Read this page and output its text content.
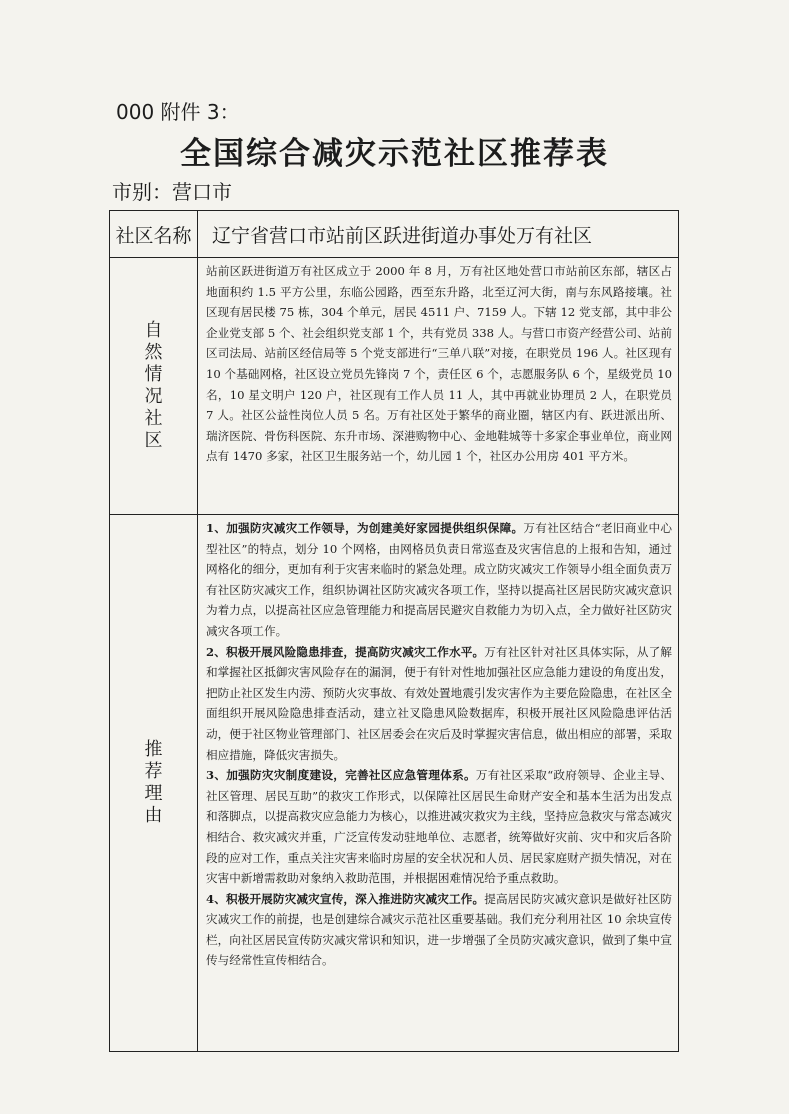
000 附件 3：
全国综合减灾示范社区推荐表
市别：营口市
社区名称	辽宁省营口市站前区跃进街道办事处万有社区

自然情况社区	站前区跃进街道万有社区成立于 2000 年 8 月，万有社区地处营口市站前区东部，辖区占地面积约 1.5 平方公里，东临公园路，西至东升路，北至辽河大街，南与东风路接壤。社区现有居民楼 75 栋，304 个单元，居民 4511 户、7159 人。下辖 12 党支部，其中非公企业党支部 5 个、社会组织党支部 1 个，共有党员 338 人。与营口市资产经营公司、站前区司法局、站前区经信局等 5 个党支部进行“三单八联”对接，在职党员 196 人。社区现有 10 个基础网格，社区设立党员先锋岗 7 个，责任区 6 个，志愿服务队 6 个，星级党员 10 名，10 星文明户 120 户，社区现有工作人员 11 人，其中再就业协理员 2 人，在职党员 7 人。社区公益性岗位人员 5 名。万有社区处于繁华的商业圈，辖区内有、跃进派出所、瑞济医院、骨伤科医院、东升市场、深港购物中心、金地鞋城等十多家企事业单位，商业网点有 1470 多家，社区卫生服务站一个，幼儿园 1 个，社区办公用房 401 平方米。

推荐理由	1、加强防灾减灾工作领导，为创建美好家园提供组织保障。万有社区结合“老旧商业中心型社区”的特点，划分 10 个网格，由网格员负责日常巡查及灾害信息的上报和告知，通过网格化的细分，更加有利于灾害来临时的紧急处理。成立防灾减灾工作领导小组全面负责万有社区防灾减灾工作，组织协调社区防灾减灾各项工作，坚持以提高社区居民防灾减灾意识为着力点，以提高社区应急管理能力和提高居民避灾自救能力为切入点，全力做好社区防灾减灾各项工作。

2、积极开展风险隐患排查，提高防灾减灾工作水平。万有社区针对社区具体实际，从了解和掌握社区抵御灾害风险存在的漏洞，便于有针对性地加强社区应急能力建设的角度出发，把防止社区发生内涝、预防火灾事故、有效处置地震引发灾害作为主要危险隐患，在社区全面组织开展风险隐患排查活动，建立社叉隐患风险数据库，积极开展社区风险隐患评估活动，便于社区物业管理部门、社区居委会在灾后及时掌握灾害信息，做出相应的部署，采取相应措施，降低灾害损失。

3、加强防灾灾制度建设，完善社区应急管理体系。万有社区采取“政府领导、企业主导、社区管理、居民互助”的救灾工作形式，以保障社区居民生命财产安全和基本生活为出发点和落脚点，以提高救灾应急能力为核心，以推进减灾救灾为主线，坚持应急救灾与常态减灾相结合、救灾减灾并重，广泛宣传发动驻地单位、志愿者，统筹做好灾前、灾中和灾后各阶段的应对工作，重点关注灾害来临时房屋的安全状况和人员、居民家庭财产损失情况，对在灾害中新增需救助对象纳入救助范围，并根据困难情况给予重点救助。

4、积极开展防灾减灾宣传，深入推进防灾减灾工作。提高居民防灾减灾意识是做好社区防灾减灾工作的前提，也是创建综合减灾示范社区重要基础。我们充分利用社区 10 余块宣传栏，向社区居民宣传防灾减灾常识和知识，进一步增强了全员防灾减灾意识，做到了集中宣传与经常性宣传相结合。
